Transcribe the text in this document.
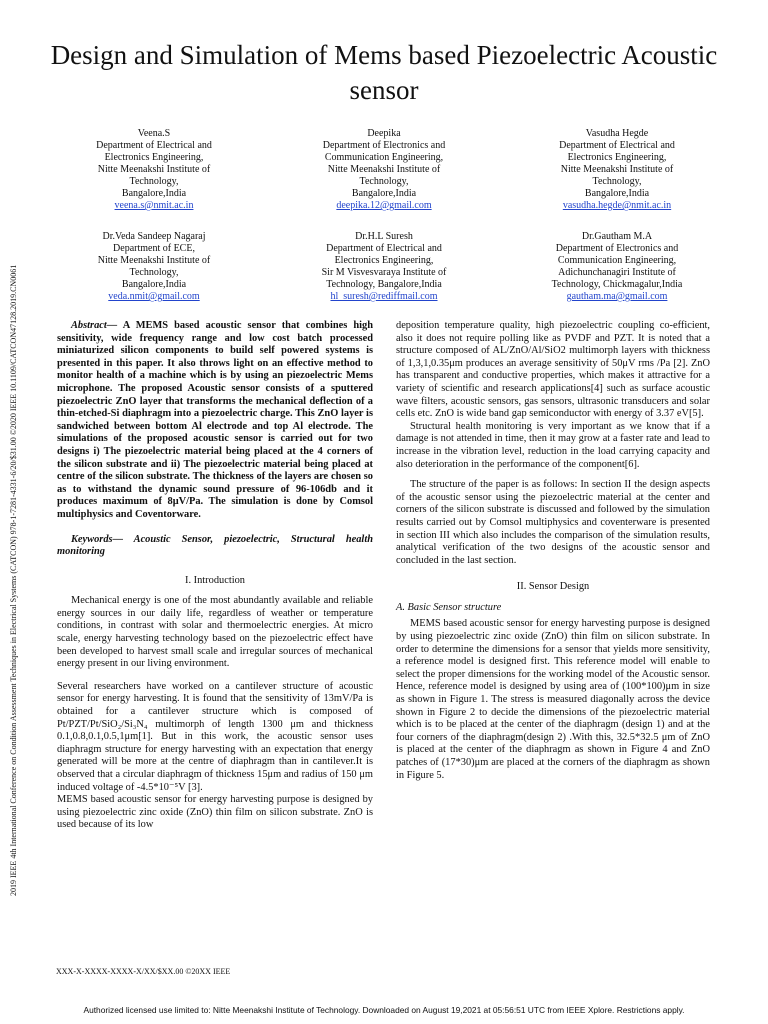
Design and Simulation of Mems based Piezoelectric Acoustic sensor
2019 IEEE 4th International Conference on Condition Assessment Techniques in Electrical Systems (CATCON) 978-1-7281-4331-6/20/$31.00 ©2020 IEEE 10.1109/CATCON47128.2019.CN0061
Veena.S
Department of Electrical and
Electronics Engineering,
Nitte Meenakshi Institute of
Technology,
Bangalore,India
veena.s@nmit.ac.in
Deepika
Department of Electronics and
Communication Engineering,
Nitte Meenakshi Institute of
Technology,
Bangalore,India
deepika.12@gmail.com
Vasudha Hegde
Department of Electrical and
Electronics Engineering,
Nitte Meenakshi Institute of
Technology,
Bangalore,India
vasudha.hegde@nmit.ac.in
Dr.Veda Sandeep Nagaraj
Department of ECE,
Nitte Meenakshi Institute of
Technology,
Bangalore,India
veda.nmit@gmail.com
Dr.H.L Suresh
Department of Electrical and
Electronics Engineering,
Sir M Visvesvaraya Institute of
Technology, Bangalore,India
hl_suresh@rediffmail.com
Dr.Gautham M.A
Department of Electronics and
Communication Engineering,
Adichunchanagiri Institute of
Technology, Chickmagalur,India
gautham.ma@gmail.com

Abstract— A MEMS based acoustic sensor that combines high sensitivity, wide frequency range and low cost batch processed miniaturized silicon components to build self powered systems is presented in this paper. It also throws light on an effective method to monitor health of a machine which is by using an piezoelectric Mems microphone. The proposed Acoustic sensor consists of a sputtered piezoelectric ZnO layer that transforms the mechanical deflection of a thin-etched-Si diaphragm into a piezoelectric charge. This ZnO layer is sandwiched between bottom Al electrode and top Al electrode. The simulations of the proposed acoustic sensor is carried out for two designs i) The piezoelectric material being placed at the 4 corners of the silicon substrate and ii) The piezoelectric material being placed at centre of the silicon substrate. The thickness of the layers are chosen so as to withstand the dynamic sound pressure of 96-106db and it produces maximum of 8μV/Pa. The simulation is done by Comsol multiphysics and Coventorware.

Keywords— Acoustic Sensor, piezoelectric, Structural health monitoring

I. Introduction

Mechanical energy is one of the most abundantly available and reliable energy sources in our daily life, regardless of weather or temperature conditions, in contrast with solar and thermoelectric energies. At micro scale, energy harvesting technology based on the piezoelectric effect have been developed to harvest small scale and irregular sources of mechanical energy present in our living environment.

Several researchers have worked on a cantilever structure of acoustic sensor for energy harvesting. It is found that the sensitivity of 13mV/Pa is obtained for a cantilever structure which is composed of Pt/PZT/Pt/SiO₂/Si₃N₄ multimorph of length 1300 μm and thickness 0.1,0.8,0.1,0.5,1μm[1]. But in this work, the acoustic sensor uses diaphragm structure for energy harvesting with an expectation that energy generated will be more at the centre of diaphragm than in cantilever.It is observed that a circular diaphragm of thickness 15μm and radius of 150 μm induced voltage of -4.5*10⁻⁵V [3].

MEMS based acoustic sensor for energy harvesting purpose is designed by using piezoelectric zinc oxide (ZnO) thin film on silicon substrate. ZnO is used because of its low

deposition temperature quality, high piezoelectric coupling co-efficient, also it does not require polling like as PVDF and PZT. It is noted that a structure composed of AL/ZnO/Al/SiO2 multimorph layers with thickness of 1,3,1,0.35μm produces an average sensitivity of 50μV rms /Pa [2]. ZnO has transparent and conductive properties, which makes it attractive for a variety of scientific and research applications[4] such as surface acoustic wave filters, acoustic sensors, gas sensors, ultrasonic transducers and solar cells etc. ZnO is wide band gap semiconductor with energy of 3.37 eV[5].

Structural health monitoring is very important as we know that if a damage is not attended in time, then it may grow at a faster rate and lead to increase in the vibration level, reduction in the load carrying capacity and also deterioration in the performance of the component[6].

The structure of the paper is as follows: In section II the design aspects of the acoustic sensor using the piezoelectric material at the center and corners of the silicon substrate is discussed and followed by the simulation results carried out by Comsol multiphysics and coventerware is presented in section III which also includes the comparison of the simulation results, analytical verification of the two designs of the acoustic sensor and concluded in the last section.

II. Sensor Design

A. Basic Sensor structure

MEMS based acoustic sensor for energy harvesting purpose is designed by using piezoelectric zinc oxide (ZnO) thin film on silicon substrate. In order to determine the dimensions for a sensor that yields more sensitivity, a reference model is designed first. This reference model will enable to select the proper dimensions for the working model of the Acoustic sensor. Hence, reference model is designed by using area of (100*100)μm in size as shown in Figure 1. The stress is measured diagonally across the device shown in Figure 2 to decide the dimensions of the piezoelectric material which is to be placed at the center of the diaphragm (design 1) and at the four corners of the diaphragm(design 2) .With this, 32.5*32.5 μm of ZnO is placed at the center of the diaphragm as shown in Figure 4 and ZnO patches of (17*30)μm are placed at the corners of the diaphragm as shown in Figure 5.

XXX-X-XXXX-XXXX-X/XX/$XX.00 ©20XX IEEE
Authorized licensed use limited to: Nitte Meenakshi Institute of Technology. Downloaded on August 19,2021 at 05:56:51 UTC from IEEE Xplore. Restrictions apply.
